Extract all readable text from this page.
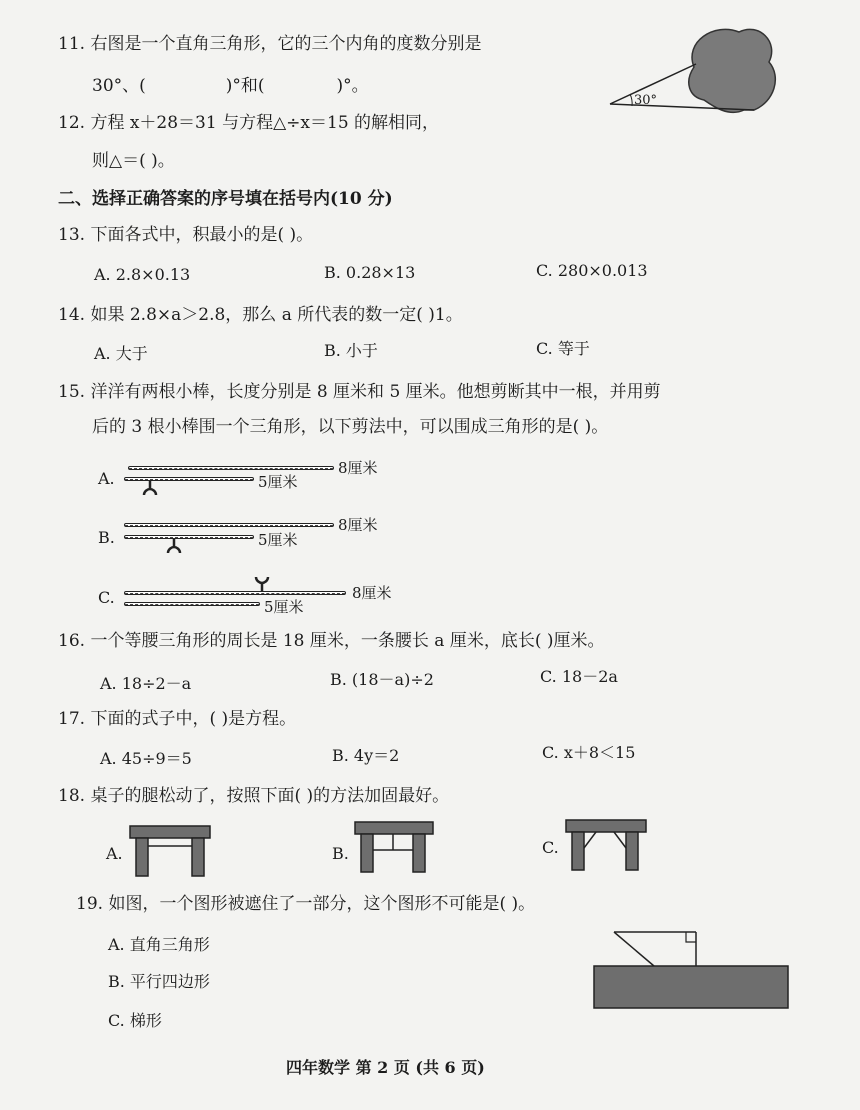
11. 右图是一个直角三角形，它的三个内角的度数分别是
30°、(	)°和(	)°。
30°
12. 方程 x＋28＝31 与方程△÷x＝15 的解相同，
则△＝( )。
二、选择正确答案的序号填在括号内(10 分)
13. 下面各式中，积最小的是( )。
A. 2.8×0.13	B. 0.28×13	C. 280×0.013
14. 如果 2.8×a＞2.8，那么 a 所代表的数一定( )1。
A. 大于	B. 小于	C. 等于
15. 洋洋有两根小棒，长度分别是 8 厘米和 5 厘米。他想剪断其中一根，并用剪
后的 3 根小棒围一个三角形，以下剪法中，可以围成三角形的是( )。
A.
8厘米
5厘米
B.
8厘米
5厘米
C.	8厘米
5厘米
16. 一个等腰三角形的周长是 18 厘米，一条腰长 a 厘米，底长( )厘米。
A. 18÷2－a	B. (18－a)÷2	C. 18－2a
17. 下面的式子中，( )是方程。
A. 45÷9＝5	B. 4y＝2	C. x＋8＜15
18. 桌子的腿松动了，按照下面( )的方法加固最好。
A.	B.	C.
19. 如图，一个图形被遮住了一部分，这个图形不可能是( )。
A. 直角三角形
B. 平行四边形
C. 梯形
四年数学 第 2 页 (共 6 页)
